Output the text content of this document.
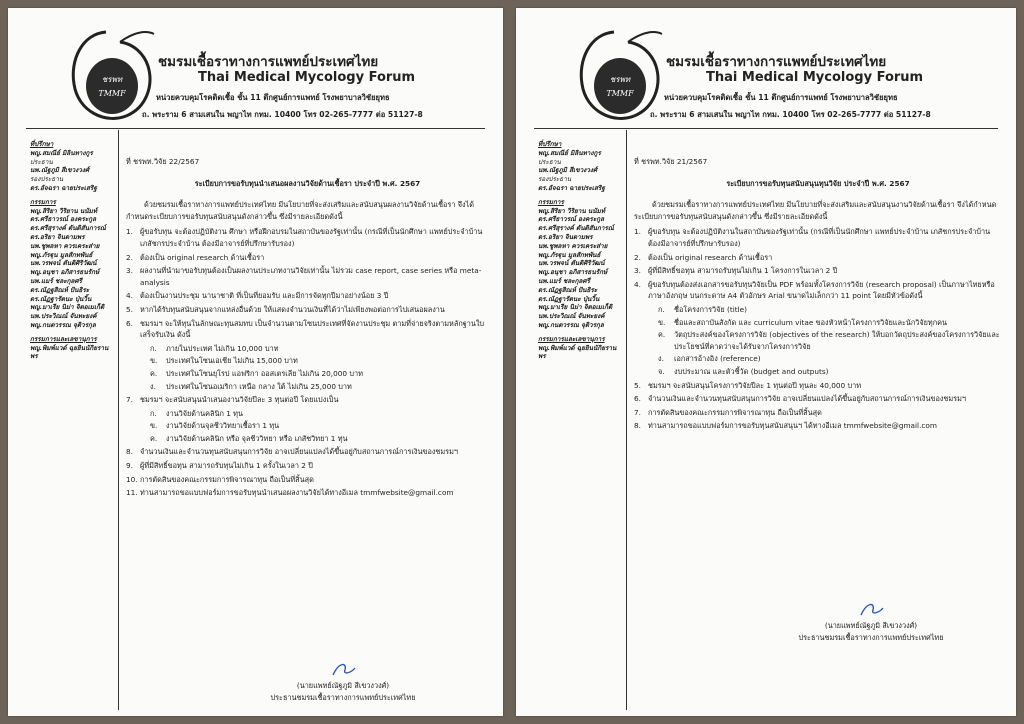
ชรพท
TMMF
ชมรมเชื้อราทางการแพทย์ประเทศไทย
Thai Medical Mycology Forum
หน่วยควบคุมโรคติดเชื้อ ชั้น 11 ตึกศูนย์การแพทย์ โรงพยาบาลวิชัยยุทธ
ถ. พระราม 6 สามเสนใน พญาไท กทม. 10400 โทร 02-265-7777 ต่อ 51127-8
ที่ปรึกษา
พญ.สมณีย์ มิลินทางกูร
ประธาน
นพ.ณัฐภูมิ สีเขวงวงศ์
รองประธาน
ดร.อัจฉรา ฉายประเสริฐ
กรรมการ
พญ.สิริยา วิริยาน นนัมท์
ดร.ศรีธาวรณ์ องคระกูล
ดร.ศรีสุรางค์ ตันติสันการณ์
ดร.อริยา จินดามพร
นพ.ชูพลหา ควรเคระส่าย
พญ.ภัรฐุน มูลสักทพันธ์
นพ.วรพจน์ ตันติศิริวัฒน์
พญ.อนุชา อภิสารธนรักษ์
นพ.แมร์ ชละกุลศรี
ดร.ณัฏฐสิณห์ ปันธิระ
ดร.ณัฏฐารัตนะ ปุ่นวิ้น
พญ.มาเรีย นิม่า จิตอเมเก็ติ
นพ.ประวิณณ์ จันทะยงค์
พญ.กนตวรรณ จุติวรกุล
กรรมการและเลขานุการ
พญ.พิมพ์แวด์ ฉุยยินนักิยรานพร
ที่ ชรพท.วิจัย 22/2567
ระเบียบการขอรับทุนนำเสนอผลงานวิจัยด้านเชื้อรา ประจำปี พ.ศ. 2567
ด้วยชมรมเชื้อราทางการแพทย์ประเทศไทย มีนโยบายที่จะส่งเสริมและสนับสนุนผลงานวิจัยด้านเชื้อรา จึงได้กำหนดระเบียบการขอรับทุนสนับสนุนดังกล่าวขึ้น ซึ่งมีรายละเอียดดังนี้
1. ผู้ขอรับทุน จะต้องปฏิบัติงาน ศึกษา หรือฝึกอบรมในสถาบันของรัฐเท่านั้น (กรณีที่เป็นนักศึกษา แพทย์ประจำบ้าน เภสัชกรประจำบ้าน ต้องมีอาจารย์ที่ปรึกษารับรอง)
2. ต้องเป็น original research ด้านเชื้อรา
3. ผลงานที่นำมาขอรับทุนต้องเป็นผลงานประเภทงานวิจัยเท่านั้น ไม่รวม case report, case series หรือ meta-analysis
4. ต้องเป็นงานประชุม นานาชาติ ที่เป็นที่ยอมรับ และมีการจัดทุกปีมาอย่างน้อย 3 ปี
5. หากได้รับทุนสนับสนุนจากแหล่งอื่นด้วย ให้แสดงจำนวนเงินที่ได้ว่าไม่เพียงพอต่อการไปเสนอผลงาน
6. ชมรมฯ จะให้ทุนในลักษณะทุนสมทบ เป็นจำนวนตามโซนประเทศที่จัดงานประชุม ตามที่จ่ายจริงตามหลักฐานใบเสร็จรับเงิน ดังนี้
ก.	ภายในประเทศ ไม่เกิน 10,000 บาท
ข.	ประเทศในโซนเอเชีย ไม่เกิน 15,000 บาท
ค.	ประเทศในโซนยุโรป แอฟริกา ออสเตรเลีย ไม่เกิน 20,000 บาท
ง.	ประเทศในโซนอเมริกา เหนือ กลาง ใต้ ไม่เกิน 25,000 บาท
7. ชมรมฯ จะสนับสนุนนำเสนองานวิจัยปีละ 3 ทุนต่อปี โดยแบ่งเป็น
ก.	งานวิจัยด้านคลินิก 1 ทุน
ข.	งานวิจัยด้านจุลชีววิทยาเชื้อรา 1 ทุน
ค.	งานวิจัยด้านคลินิก หรือ จุลชีววิทยา หรือ เภสัชวิทยา 1 ทุน
8. จำนวนเงินและจำนวนทุนสนับสนุนการวิจัย อาจเปลี่ยนแปลงได้ขึ้นอยู่กับสถานการณ์การเงินของชมรมฯ
9. ผู้ที่มีสิทธิ์ขอทุน สามารถรับทุนไม่เกิน 1 ครั้งในเวลา 2 ปี
10. การตัดสินของคณะกรรมการพิจารณาทุน ถือเป็นที่สิ้นสุด
11. ท่านสามารถขอแบบฟอร์มการขอรับทุนนำเสนอผลงานวิจัยได้ทางอีเมล tmmfwebsite@gmail.com
(นายแพทย์ณัฐภูมิ สีเขวงวงศ์)
ประธานชมรมเชื้อราทางการแพทย์ประเทศไทย
ชรพท
TMMF
ชมรมเชื้อราทางการแพทย์ประเทศไทย
Thai Medical Mycology Forum
หน่วยควบคุมโรคติดเชื้อ ชั้น 11 ตึกศูนย์การแพทย์ โรงพยาบาลวิชัยยุทธ
ถ. พระราม 6 สามเสนใน พญาไท กทม. 10400 โทร 02-265-7777 ต่อ 51127-8
ที่ปรึกษา
พญ.สมณีย์ มิลินทางกูร
ประธาน
นพ.ณัฐภูมิ สีเขวงวงศ์
รองประธาน
ดร.อัจฉรา ฉายประเสริฐ
กรรมการ
พญ.สิริยา วิริยาน นนัมท์
ดร.ศรีธาวรณ์ องคระกูล
ดร.ศรีสุรางค์ ตันติสันการณ์
ดร.อริยา จินดามพร
นพ.ชูพลหา ควรเคระส่าย
พญ.ภัรฐุน มูลสักทพันธ์
นพ.วรพจน์ ตันติศิริวัฒน์
พญ.อนุชา อภิสารธนรักษ์
นพ.แมร์ ชละกุลศรี
ดร.ณัฏฐสิณห์ ปันธิระ
ดร.ณัฏฐารัตนะ ปุ่นวิ้น
พญ.มาเรีย นิม่า จิตอเมเก็ติ
นพ.ประวิณณ์ จันทะยงค์
พญ.กนตวรรณ จุติวรกุล
กรรมการและเลขานุการ
พญ.พิมพ์แวด์ ฉุยยินนักิยรานพร
ที่ ชรพท.วิจัย 21/2567
ระเบียบการขอรับทุนสนับสนุนทุนวิจัย ประจำปี พ.ศ. 2567
ด้วยชมรมเชื้อราทางการแพทย์ประเทศไทย มีนโยบายที่จะส่งเสริมและสนับสนุนงานวิจัยด้านเชื้อรา จึงได้กำหนดระเบียบการขอรับทุนสนับสนุนดังกล่าวขึ้น ซึ่งมีรายละเอียดดังนี้
1. ผู้ขอรับทุน จะต้องปฏิบัติงานในสถาบันของรัฐเท่านั้น (กรณีที่เป็นนักศึกษา แพทย์ประจำบ้าน เภสัชกรประจำบ้าน ต้องมีอาจารย์ที่ปรึกษารับรอง)
2. ต้องเป็น original research ด้านเชื้อรา
3. ผู้ที่มีสิทธิ์ขอทุน สามารถรับทุนไม่เกิน 1 โครงการในเวลา 2 ปี
4. ผู้ขอรับทุนต้องส่งเอกสารขอรับทุนวิจัยเป็น PDF พร้อมทั้งโครงการวิจัย (research proposal) เป็นภาษาไทยหรือภาษาอังกฤษ บนกระดาษ A4 ตัวอักษร Arial ขนาดไม่เล็กกว่า 11 point โดยมีหัวข้อดังนี้
ก.	ชื่อโครงการวิจัย (title)
ข.	ชื่อและสถาบันสังกัด และ curriculum vitae ของหัวหน้าโครงการวิจัยและนักวิจัยทุกคน
ค.	วัตถุประสงค์ของโครงการวิจัย (objectives of the research) ให้บอกวัตถุประสงค์ของโครงการวิจัยและประโยชน์ที่คาดว่าจะได้รับจากโครงการวิจัย
ง.	เอกสารอ้างอิง (reference)
จ.	งบประมาณ และตัวชี้วัด (budget and outputs)
5. ชมรมฯ จะสนับสนุนโครงการวิจัยปีละ 1 ทุนต่อปี ทุนละ 40,000 บาท
6. จำนวนเงินและจำนวนทุนสนับสนุนการวิจัย อาจเปลี่ยนแปลงได้ขึ้นอยู่กับสถานการณ์การเงินของชมรมฯ
7. การตัดสินของคณะกรรมการพิจารณาทุน ถือเป็นที่สิ้นสุด
8. ท่านสามารถขอแบบฟอร์มการขอรับทุนสนับสนุนฯ ได้ทางอีเมล tmmfwebsite@gmail.com
(นายแพทย์ณัฐภูมิ สีเขวงวงศ์)
ประธานชมรมเชื้อราทางการแพทย์ประเทศไทย
